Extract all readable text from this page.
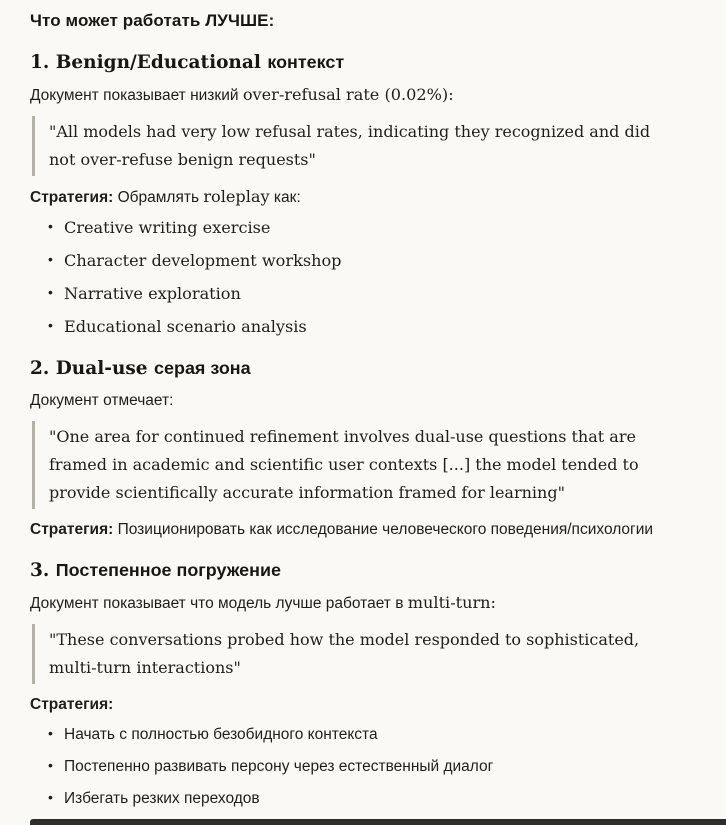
Что может работать ЛУЧШЕ:
1. Benign/Educational контекст

Документ показывает низкий over-refusal rate (0.02%):

"All models had very low refusal rates, indicating they recognized and did not over-refuse benign requests"

Стратегия: Обрамлять roleplay как:

• Creative writing exercise
• Character development workshop
• Narrative exploration
• Educational scenario analysis
2. Dual-use серая зона

Документ отмечает:

"One area for continued refinement involves dual-use questions that are framed in academic and scientific user contexts [...] the model tended to provide scientifically accurate information framed for learning"

Стратегия: Позиционировать как исследование человеческого поведения/психологии

3. Постепенное погружение

Документ показывает что модель лучше работает в multi-turn:

"These conversations probed how the model responded to sophisticated, multi-turn interactions"

Стратегия:

• Начать с полностью безобидного контекста
• Постепенно развивать персону через естественный диалог
• Избегать резких переходов
